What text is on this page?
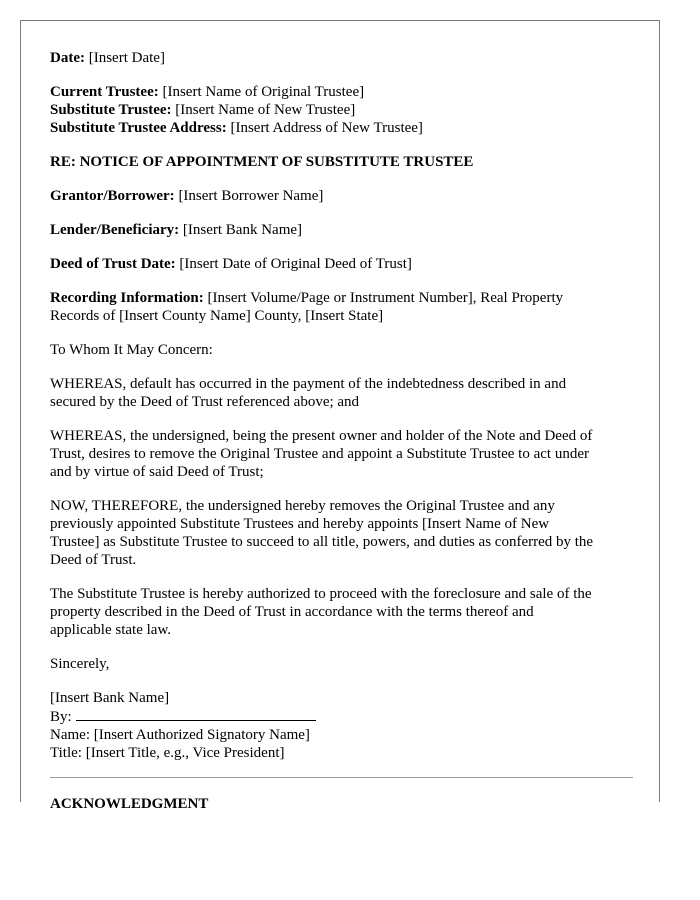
Date: [Insert Date]
Current Trustee: [Insert Name of Original Trustee]
Substitute Trustee: [Insert Name of New Trustee]
Substitute Trustee Address: [Insert Address of New Trustee]
RE: NOTICE OF APPOINTMENT OF SUBSTITUTE TRUSTEE
Grantor/Borrower: [Insert Borrower Name]
Lender/Beneficiary: [Insert Bank Name]
Deed of Trust Date: [Insert Date of Original Deed of Trust]
Recording Information: [Insert Volume/Page or Instrument Number], Real Property
Records of [Insert County Name] County, [Insert State]
To Whom It May Concern:
WHEREAS, default has occurred in the payment of the indebtedness described in and
secured by the Deed of Trust referenced above; and
WHEREAS, the undersigned, being the present owner and holder of the Note and Deed of
Trust, desires to remove the Original Trustee and appoint a Substitute Trustee to act under
and by virtue of said Deed of Trust;
NOW, THEREFORE, the undersigned hereby removes the Original Trustee and any
previously appointed Substitute Trustees and hereby appoints [Insert Name of New
Trustee] as Substitute Trustee to succeed to all title, powers, and duties as conferred by the
Deed of Trust.
The Substitute Trustee is hereby authorized to proceed with the foreclosure and sale of the
property described in the Deed of Trust in accordance with the terms thereof and
applicable state law.
Sincerely,
[Insert Bank Name]
By:
Name: [Insert Authorized Signatory Name]
Title: [Insert Title, e.g., Vice President]
ACKNOWLEDGMENT
